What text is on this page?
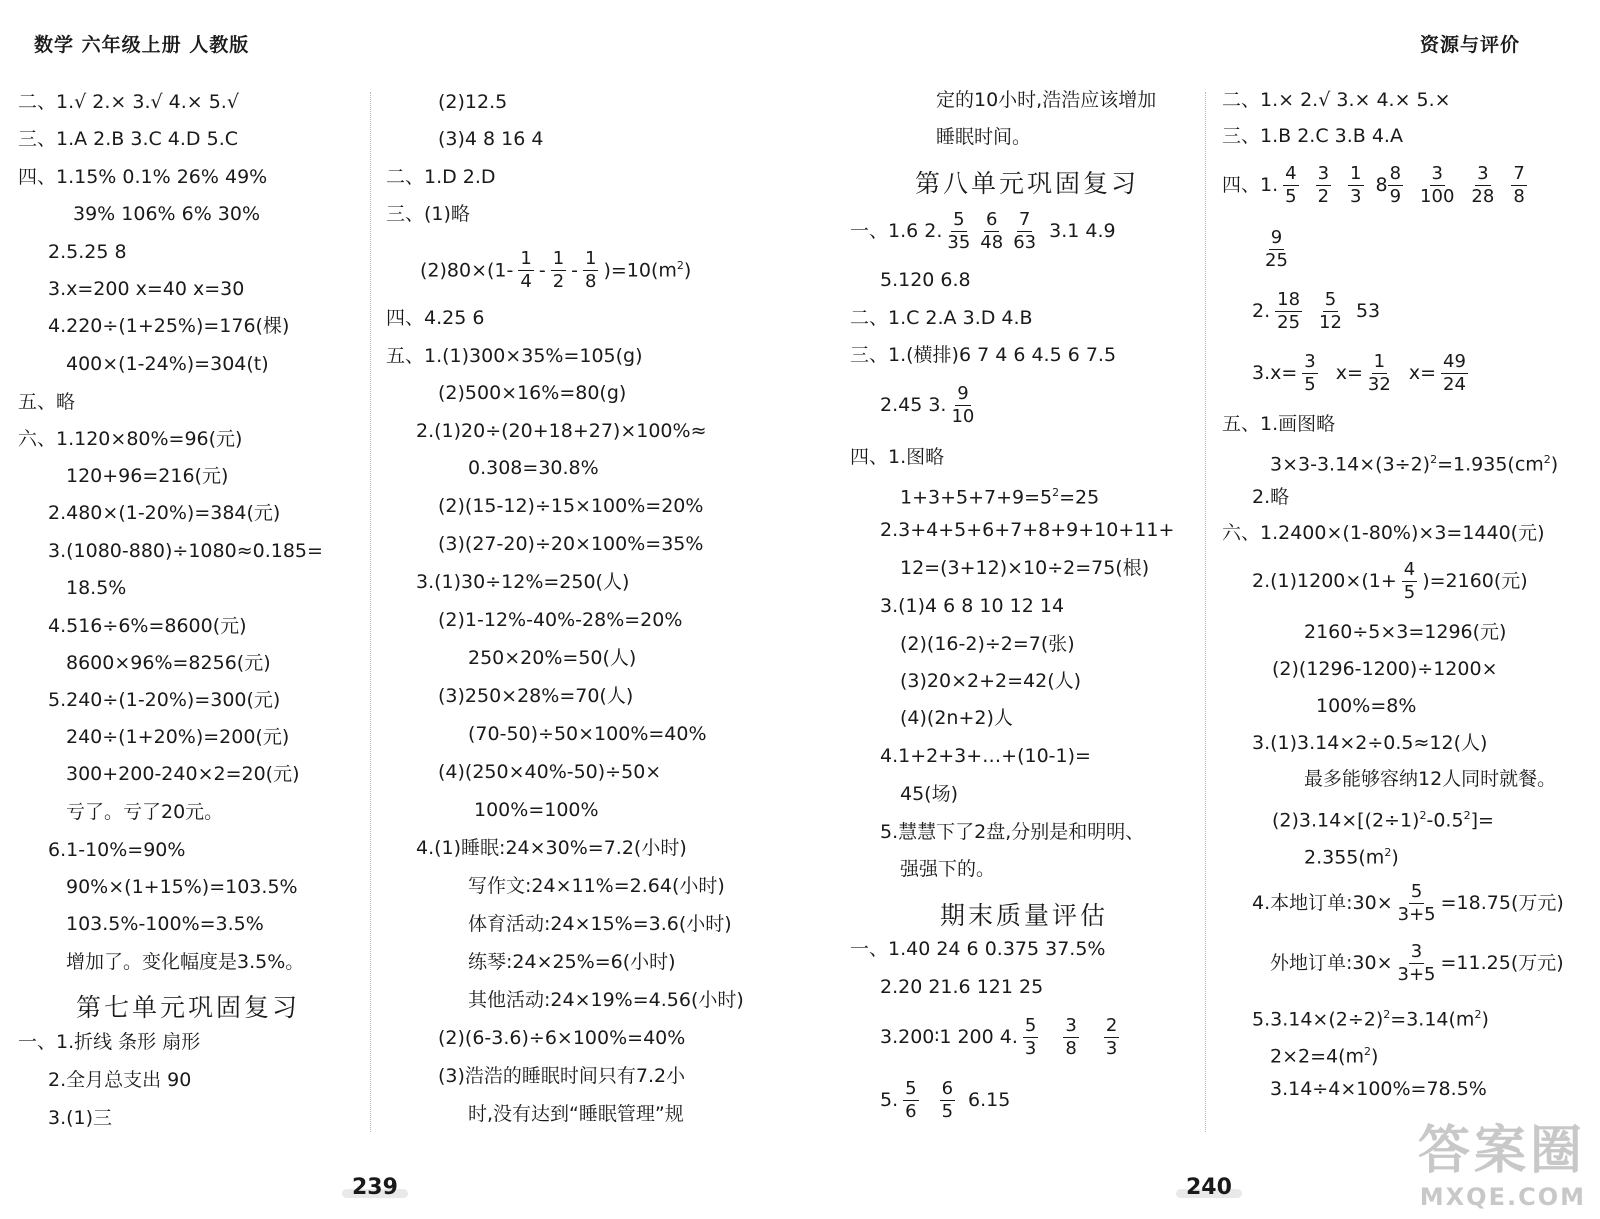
数学 六年级上册 人教版	资源与评价
二、1.√ 2.× 3.√ 4.× 5.√
三、1.A 2.B 3.C 4.D 5.C
四、1.15% 0.1% 26% 49%
39% 106% 6% 30%
2.5.25 8
3.x=200 x=40 x=30
4.220÷(1+25%)=176(棵)
400×(1-24%)=304(t)
五、略
六、1.120×80%=96(元)
120+96=216(元)
2.480×(1-20%)=384(元)
3.(1080-880)÷1080≈0.185=
18.5%
4.516÷6%=8600(元)
8600×96%=8256(元)
5.240÷(1-20%)=300(元)
240÷(1+20%)=200(元)
300+200-240×2=20(元)
亏了。亏了20元。
6.1-10%=90%
90%×(1+15%)=103.5%
103.5%-100%=3.5%
增加了。变化幅度是3.5%。
第七单元巩固复习
一、1.折线 条形 扇形
2.全月总支出 90
3.(1)三
(2)12.5
(3)4 8 16 4
二、1.D 2.D
三、(1)略
$(2)80\times(1- \frac{1}{4} - \frac{1}{2} - \frac{1}{8} )=10(m^2)$
四、4.25 6
五、1.(1)300×35%=105(g)
(2)500×16%=80(g)
2.(1)20÷(20+18+27)×100%≈
0.308=30.8%
(2)(15-12)÷15×100%=20%
(3)(27-20)÷20×100%=35%
3.(1)30÷12%=250(人)
(2)1-12%-40%-28%=20%
250×20%=50(人)
(3)250×28%=70(人)
(70-50)÷50×100%=40%
(4)(250×40%-50)÷50×
100%=100%
4.(1)睡眠:24×30%=7.2(小时)
写作文:24×11%=2.64(小时)
体育活动:24×15%=3.6(小时)
练琴:24×25%=6(小时)
其他活动:24×19%=4.56(小时)
(2)(6-3.6)÷6×100%=40%
(3)浩浩的睡眠时间只有7.2小
时,没有达到“睡眠管理”规
定的10小时,浩浩应该增加
睡眠时间。
第八单元巩固复习
一、1.6 2. $\frac{5}{35} \frac{6}{48} \frac{7}{63} 3.1$ 4.9
5.120 6.8
二、1.C 2.A 3.D 4.B
三、1.(横排)6 7 4 6 4.5 6 7.5
2.45 3. $\frac{9}{10}$
四、1.图略
$1+3+5+7+9=5^2=25$
2.3+4+5+6+7+8+9+10+11+
12=(3+12)×10÷2=75(根)
3.(1)4 6 8 10 12 14
(2)(16-2)÷2=7(张)
(3)20×2+2=42(人)
(4)(2n+2)人
4.1+2+3+…+(10-1)=
45(场)
5.慧慧下了2盘,分别是和明明、
强强下的。
期末质量评估
一、1.40 24 6 0.375 37.5%
2.20 21.6 121 25
3.200∶1 200 4. $\frac{5}{3} \frac{3}{8} \frac{2}{3}$
5. $\frac{5}{6} \frac{6}{5} 6.15$
二、1.× 2.√ 3.× 4.× 5.×
三、1.B 2.C 3.B 4.A
四、1. $\frac{4}{5} \frac{3}{2} \frac{1}{3} 8 \frac{8}{9} \frac{3}{100} \frac{3}{28} \frac{7}{8}$
$\frac{9}{25}$
2. $\frac{18}{25} \frac{5}{12} 53$
$3.x= \frac{3}{5} x= \frac{1}{32} x= \frac{49}{24}$
五、1.画图略
$3\times 3-3.14\times(3\div 2)^2=1.935(cm^2)$
2.略
六、1.2400×(1-80%)×3=1440(元)
$2.(1)1200\times(1+ \frac{4}{5} )=2160$(元)
2160÷5×3=1296(元)
(2)(1296-1200)÷1200×
100%=8%
3.(1)3.14×2÷0.5≈12(人)
最多能够容纳12人同时就餐。
$(2)3.14\times[(2\div 1)^2-0.5^2]=$
$2.355(m^2)$
4.本地订单:30× $\frac{5}{3+5} =18.75$(万元)
外地订单:30× $\frac{3}{3+5} =11.25$(万元)
$5.3.14\times(2\div 2)^2=3.14(m^2)$
$2\times 2=4(m^2)$
3.14÷4×100%=78.5%
239	240
答案圈
MXQE.COM
